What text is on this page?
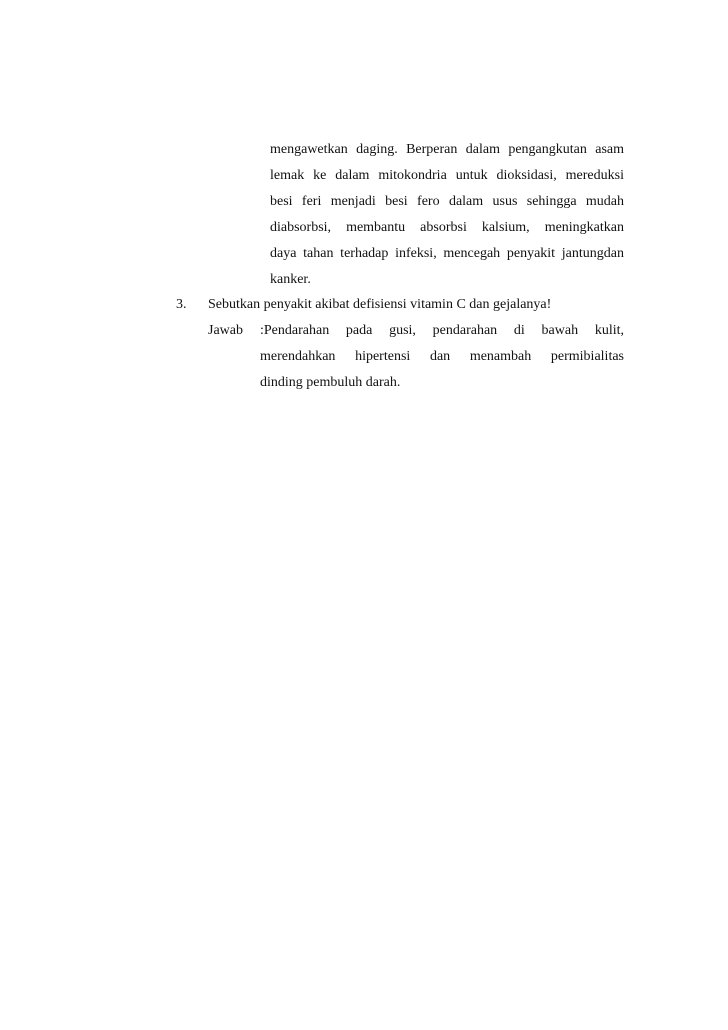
mengawetkan daging. Berperan dalam pengangkutan asam
lemak ke dalam mitokondria untuk dioksidasi, mereduksi
besi feri menjadi besi fero dalam usus sehingga mudah
diabsorbsi, membantu absorbsi kalsium, meningkatkan
daya tahan terhadap infeksi, mencegah penyakit jantungdan
kanker.
3. Sebutkan penyakit akibat defisiensi vitamin C dan gejalanya!
Jawab :Pendarahan pada gusi, pendarahan di bawah kulit,
merendahkan hipertensi dan menambah permibialitas
dinding pembuluh darah.
